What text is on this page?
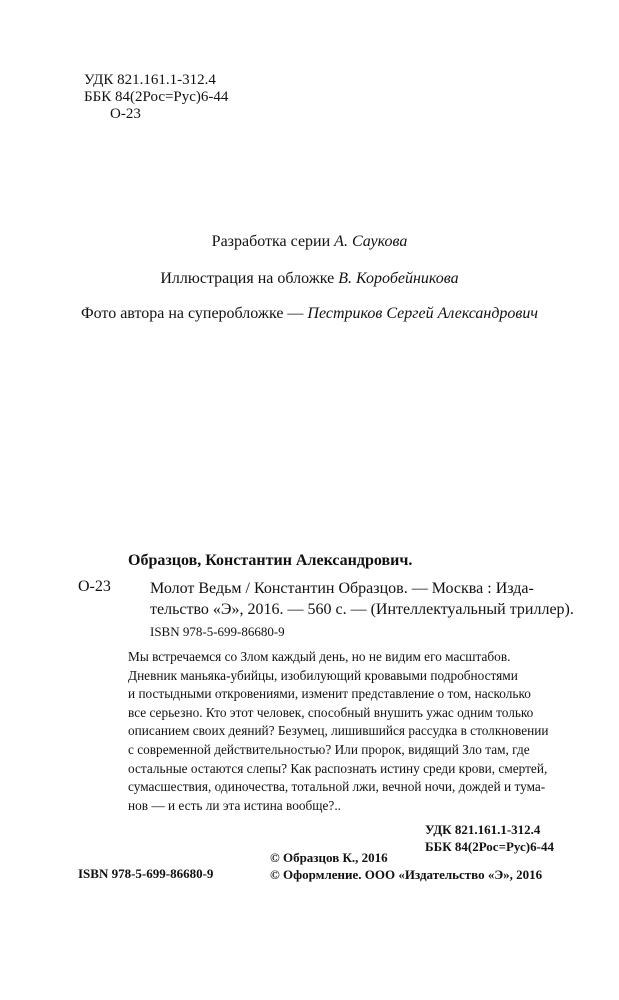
УДК 821.161.1-312.4
ББК 84(2Рос=Рус)6-44
О-23
Разработка серии А. Саукова
Иллюстрация на обложке В. Коробейникова
Фото автора на суперобложке — Пестриков Сергей Александрович
Образцов, Константин Александрович.
О-23 Молот Ведьм / Константин Образцов. — Москва : Изда-
тельство «Э», 2016. — 560 с. — (Интеллектуальный триллер).
ISBN 978-5-699-86680-9
Мы встречаемся со Злом каждый день, но не видим его масштабов.
Дневник маньяка-убийцы, изобилующий кровавыми подробностями
и постыдными откровениями, изменит представление о том, насколько
все серьезно. Кто этот человек, способный внушить ужас одним только
описанием своих деяний? Безумец, лишившийся рассудка в столкновении
с современной действительностью? Или пророк, видящий Зло там, где
остальные остаются слепы? Как распознать истину среди крови, смертей,
сумасшествия, одиночества, тотальной лжи, вечной ночи, дождей и тума-
нов — и есть ли эта истина вообще?..
УДК 821.161.1-312.4
ББК 84(2Рос=Рус)6-44
ISBN 978-5-699-86680-9
© Образцов К., 2016
© Оформление. ООО «Издательство «Э», 2016
